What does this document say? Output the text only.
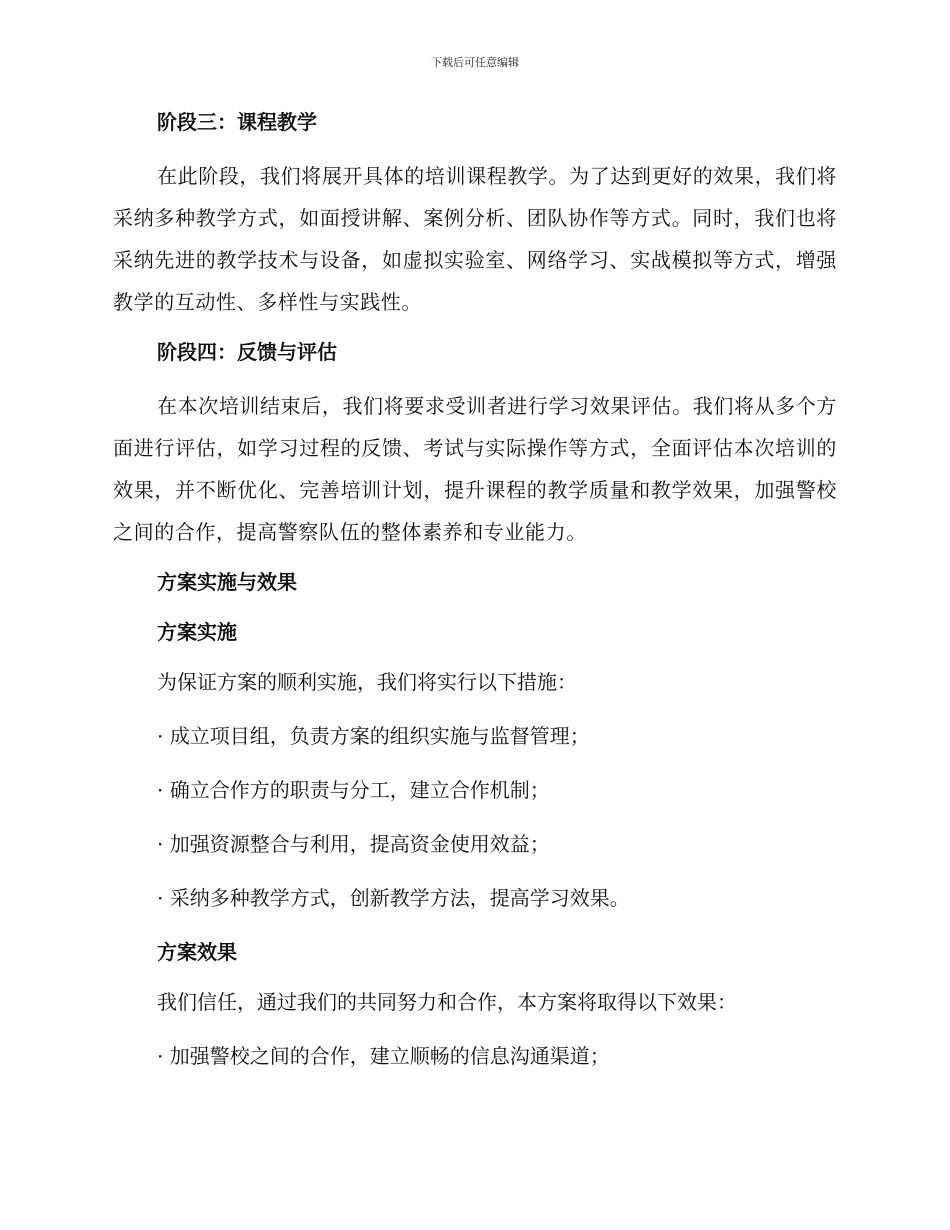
下载后可任意编辑
阶段三：课程教学
在此阶段，我们将展开具体的培训课程教学。为了达到更好的效果，我们将采纳多种教学方式，如面授讲解、案例分析、团队协作等方式。同时，我们也将采纳先进的教学技术与设备，如虚拟实验室、网络学习、实战模拟等方式，增强教学的互动性、多样性与实践性。
阶段四：反馈与评估
在本次培训结束后，我们将要求受训者进行学习效果评估。我们将从多个方面进行评估，如学习过程的反馈、考试与实际操作等方式，全面评估本次培训的效果，并不断优化、完善培训计划，提升课程的教学质量和教学效果，加强警校之间的合作，提高警察队伍的整体素养和专业能力。
方案实施与效果
方案实施
为保证方案的顺利实施，我们将实行以下措施：
· 成立项目组，负责方案的组织实施与监督管理；
· 确立合作方的职责与分工，建立合作机制；
· 加强资源整合与利用，提高资金使用效益；
· 采纳多种教学方式，创新教学方法，提高学习效果。
方案效果
我们信任，通过我们的共同努力和合作，本方案将取得以下效果：
· 加强警校之间的合作，建立顺畅的信息沟通渠道；
